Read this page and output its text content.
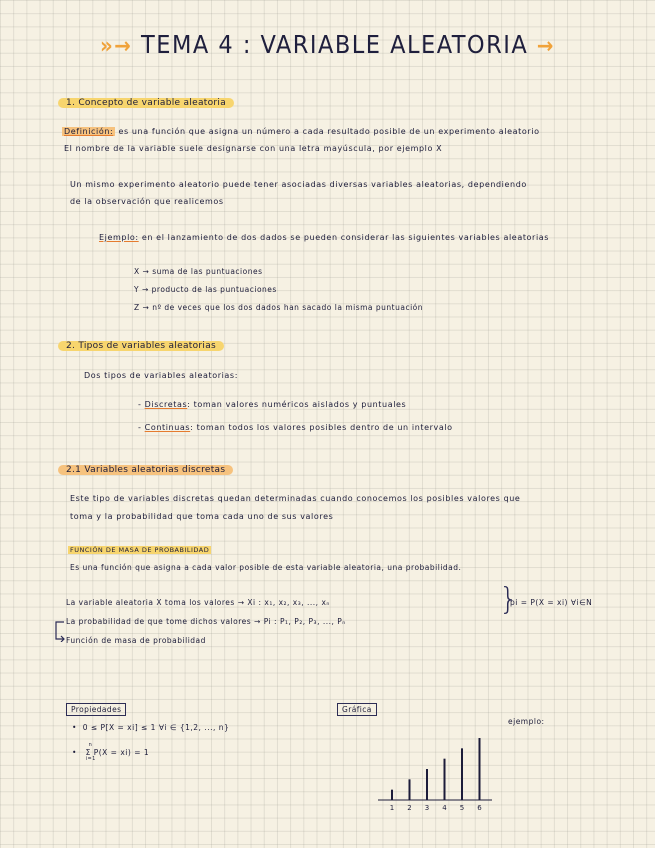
»→ TEMA 4 : VARIABLE ALEATORIA →
1. Concepto de variable aleatoria
Definición: es una función que asigna un número a cada resultado posible de un experimento aleatorio
El nombre de la variable suele designarse con una letra mayúscula, por ejemplo X
Un mismo experimento aleatorio puede tener asociadas diversas variables aleatorias, dependiendo
de la observación que realicemos
Ejemplo: en el lanzamiento de dos dados se pueden considerar las siguientes variables aleatorias
X → suma de las puntuaciones
Y → producto de las puntuaciones
Z → nº de veces que los dos dados han sacado la misma puntuación
2. Tipos de variables aleatorias
Dos tipos de variables aleatorias:
- Discretas: toman valores numéricos aislados y puntuales
- Continuas: toman todos los valores posibles dentro de un intervalo
2.1 Variables aleatorias discretas
Este tipo de variables discretas quedan determinadas cuando conocemos los posibles valores que
toma y la probabilidad que toma cada uno de sus valores
FUNCIÓN DE MASA DE PROBABILIDAD
Es una función que asigna a cada valor posible de esta variable aleatoria, una probabilidad.
La variable aleatoria X toma los valores → Xi : x₁, x₂, x₃, ..., xₙ
La probabilidad de que tome dichos valores → Pi : P₁, P₂, P₃, ..., Pₙ
Función de masa de probabilidad
}
pi = P(X = xi) ∀i∈N
Propiedades
•  0 ≤ P[X = xi] ≤ 1 ∀i ∈ {1,2, ..., n}
•
n
i=1
Σ P(X = xi) = 1
Gráfica
ejemplo:
1 2 3 4 5 6
